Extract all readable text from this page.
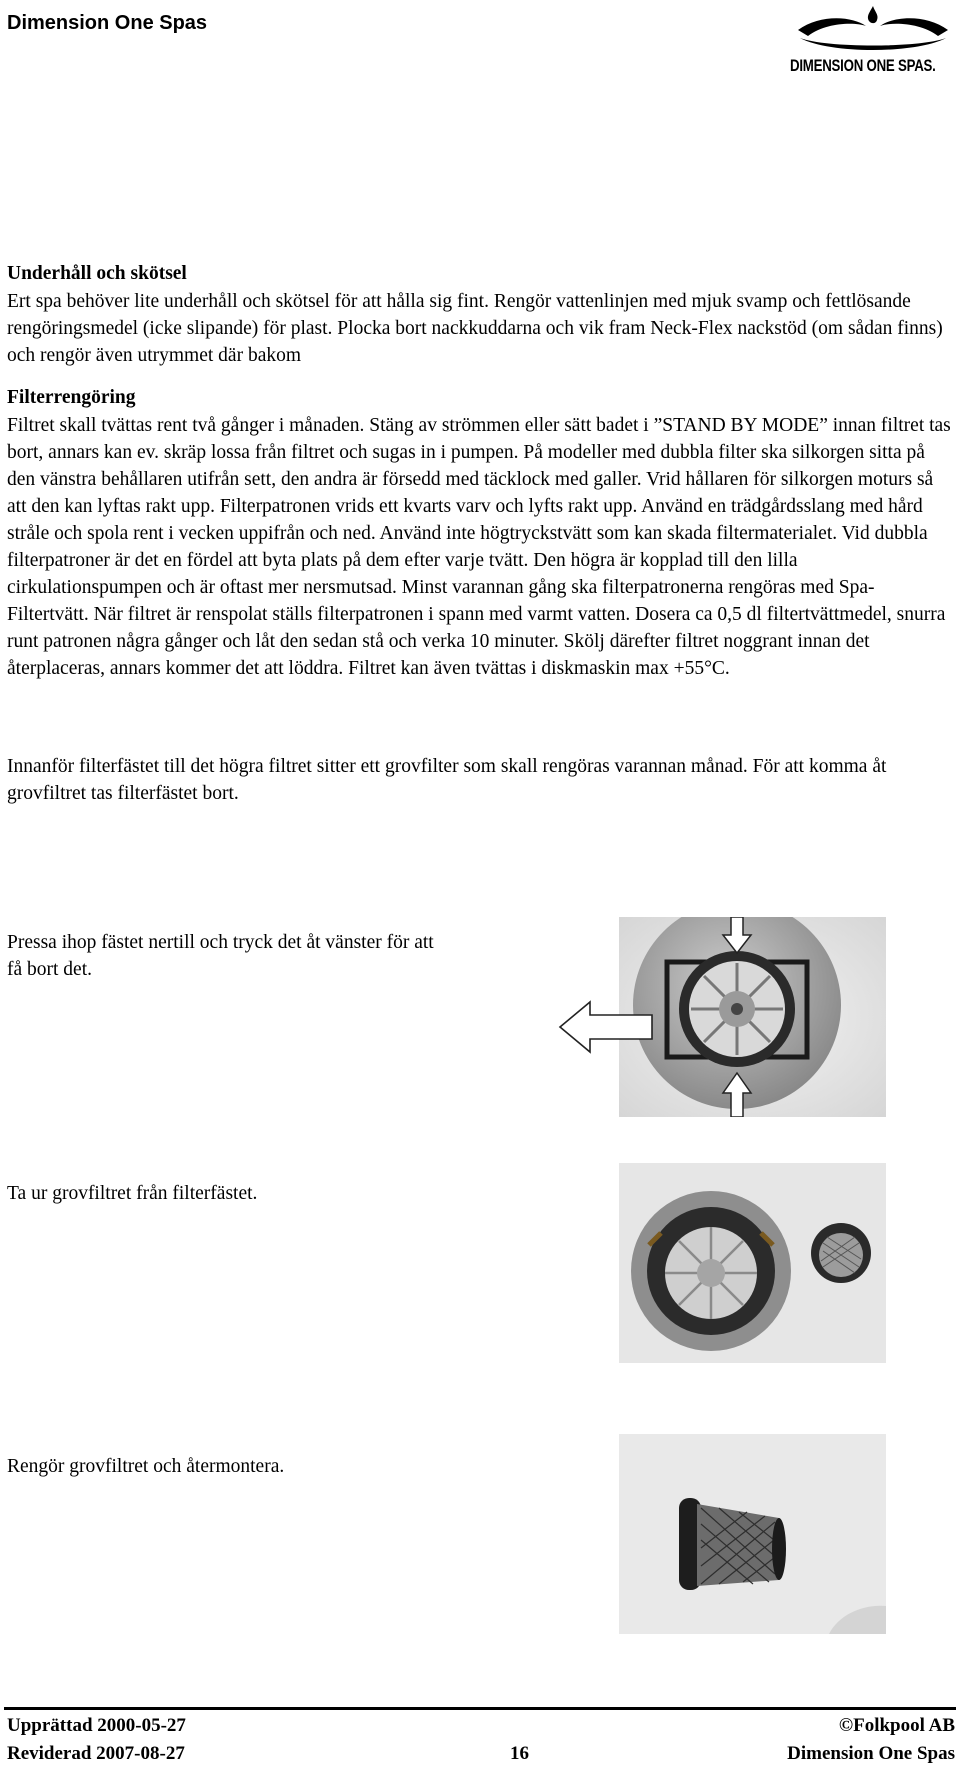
Dimension One Spas
DIMENSION ONE SPAS.
Underhåll och skötsel

Ert spa behöver lite underhåll och skötsel för att hålla sig fint. Rengör vattenlinjen med mjuk svamp och fettlösande rengöringsmedel (icke slipande) för plast. Plocka bort nackkuddarna och vik fram Neck-Flex nackstöd (om sådan finns) och rengör även utrymmet där bakom

Filterrengöring

Filtret skall tvättas rent två gånger i månaden. Stäng av strömmen eller sätt badet i ”STAND BY MODE” innan filtret tas bort, annars kan ev. skräp lossa från filtret och sugas in i pumpen. På modeller med dubbla filter ska silkorgen sitta på den vänstra behållaren utifrån sett, den andra är försedd med täcklock med galler. Vrid hållaren för silkorgen moturs så att den kan lyftas rakt upp. Filterpatronen vrids ett kvarts varv och lyfts rakt upp. Använd en trädgårdsslang med hård stråle och spola rent i vecken uppifrån och ned. Använd inte högtryckstvätt som kan skada filtermaterialet. Vid dubbla filterpatroner är det en fördel att byta plats på dem efter varje tvätt. Den högra är kopplad till den lilla cirkulationspumpen och är oftast mer nersmutsad. Minst varannan gång ska filterpatronerna rengöras med Spa-Filtertvätt. När filtret är renspolat ställs filterpatronen i spann med varmt vatten. Dosera ca 0,5 dl filtertvättmedel, snurra runt patronen några gånger och låt den sedan stå och verka 10 minuter. Skölj därefter filtret noggrant innan det återplaceras, annars kommer det att löddra. Filtret kan även tvättas i diskmaskin max +55°C.

Innanför filterfästet till det högra filtret sitter ett grovfilter som skall rengöras varannan månad. För att komma åt grovfiltret tas filterfästet bort.

Pressa ihop fästet nertill och tryck det åt vänster för att få bort det.
Ta ur grovfiltret från filterfästet.
Rengör grovfiltret och återmontera.
Upprättad 2000-05-27
Reviderad 2007-08-27	16
©Folkpool AB
Dimension One Spas
